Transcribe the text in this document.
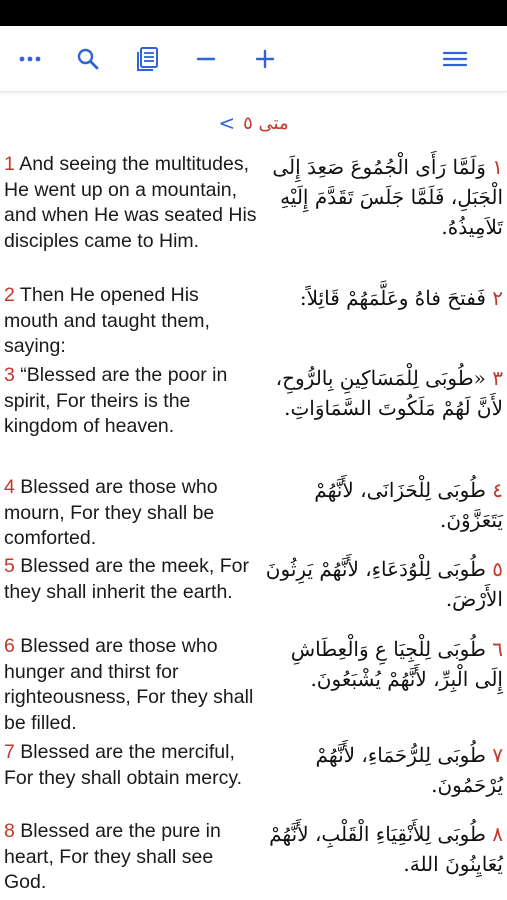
< متى ٥
1 And seeing the multitudes, He went up on a mountain, and when He was seated His disciples came to Him.
١ وَلَمَّا رَأَى الْجُمُوعَ صَعِدَ إِلَى الْجَبَلِ، فَلَمَّا جَلَسَ تَقَدَّمَ إِلَيْهِ تَلاَمِيذُهُ.
2 Then He opened His mouth and taught them, saying:
٢ فَفتحَ فاهُ وعَلَّمَهُمْ قَائِلاً:
3 “Blessed are the poor in spirit, For theirs is the kingdom of heaven.
٣ «طُوبَى لِلْمَسَاكِينِ بِالرُّوحِ، لأَنَّ لَهُمْ مَلَكُوتَ السَّمَاوَاتِ.
4 Blessed are those who mourn, For they shall be comforted.
٤ طُوبَى لِلْحَزَانَى، لأَنَّهُمْ يَتَعَزَّوْنَ.
5 Blessed are the meek, For they shall inherit the earth.
٥ طُوبَى لِلْوُدَعَاءِ، لأَنَّهُمْ يَرِثُونَ الأَرْضَ.
6 Blessed are those who hunger and thirst for righteousness, For they shall be filled.
٦ طُوبَى لِلْجِيَا عِ وَالْعِطَاشِ إِلَى الْبِرِّ، لأَنَّهُمْ يُشْبَعُونَ.
7 Blessed are the merciful, For they shall obtain mercy.
٧ طُوبَى لِلرُّحَمَاءِ، لأَنَّهُمْ يُرْحَمُونَ.
8 Blessed are the pure in heart, For they shall see God.
٨ طُوبَى لِلأَنْقِيَاءِ الْقَلْبِ، لأَنَّهُمْ يُعَايِنُونَ اللهَ.
